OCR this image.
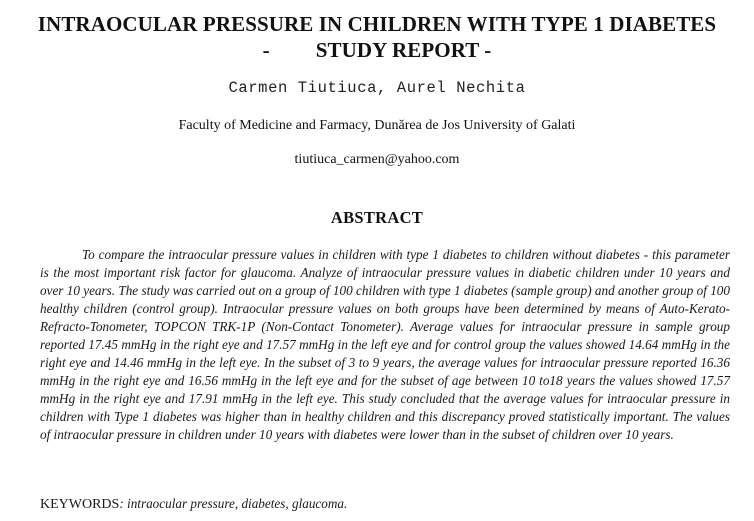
INTRAOCULAR PRESSURE IN CHILDREN WITH TYPE 1 DIABETES
- STUDY REPORT -
Carmen Tiutiuca, Aurel Nechita
Faculty of Medicine and Farmacy, Dunărea de Jos University of Galati
tiutiuca_carmen@yahoo.com
ABSTRACT

To compare the intraocular pressure values in children with type 1 diabetes to children without diabetes - this parameter is the most important risk factor for glaucoma. Analyze of intraocular pressure values in diabetic children under 10 years and over 10 years. The study was carried out on a group of 100 children with type 1 diabetes (sample group) and another group of 100 healthy children (control group). Intraocular pressure values on both groups have been determined by means of Auto-Kerato-Refracto-Tonometer, TOPCON TRK-1P (Non-Contact Tonometer). Average values for intraocular pressure in sample group reported 17.45 mmHg in the right eye and 17.57 mmHg in the left eye and for control group the values showed 14.64 mmHg in the right eye and 14.46 mmHg in the left eye. In the subset of 3 to 9 years, the average values for intraocular pressure reported 16.36 mmHg in the right eye and 16.56 mmHg in the left eye and for the subset of age between 10 to18 years the values showed 17.57 mmHg in the right eye and 17.91 mmHg in the left eye. This study concluded that the average values for intraocular pressure in children with Type 1 diabetes was higher than in healthy children and this discrepancy proved statistically important. The values of intraocular pressure in children under 10 years with diabetes were lower than in the subset of children over 10 years.

KEYWORDS: intraocular pressure, diabetes, glaucoma.
